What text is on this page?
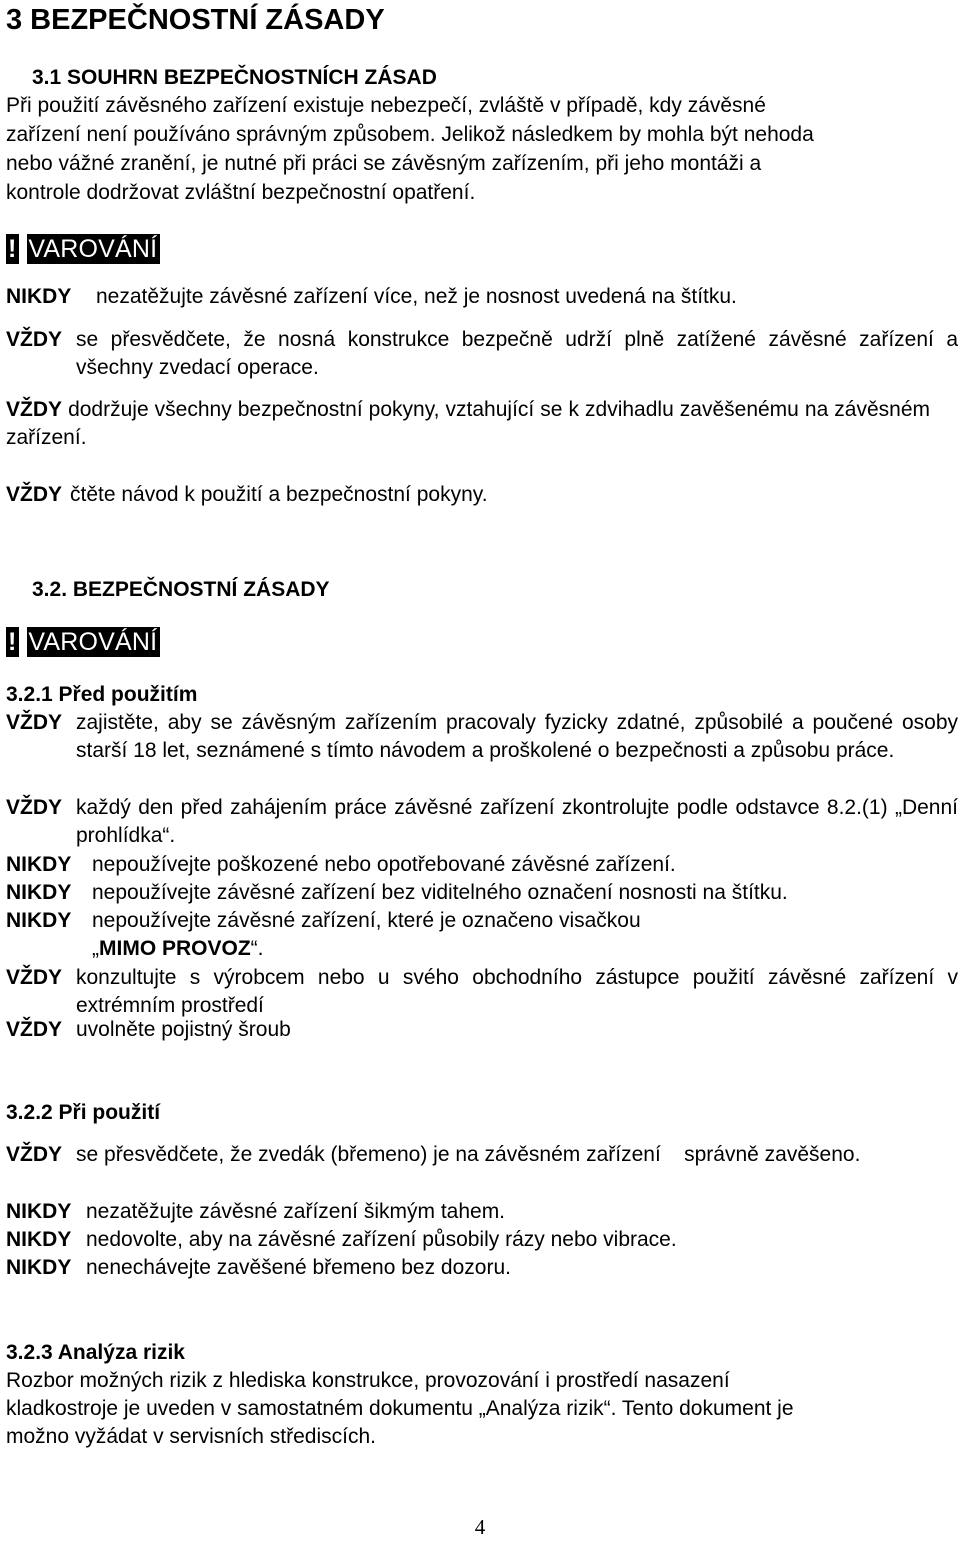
3 BEZPEČNOSTNÍ ZÁSADY
3.1 SOUHRN BEZPEČNOSTNÍCH ZÁSAD
Při použití závěsného zařízení existuje nebezpečí, zvláště v případě, kdy závěsné
zařízení není používáno správným způsobem. Jelikož následkem by mohla být nehoda
nebo vážné zranění, je nutné při práci se závěsným zařízením, při jeho montáži a
kontrole dodržovat zvláštní bezpečnostní opatření.
! VAROVÁNÍ
NIKDY nezatěžujte závěsné zařízení více, než je nosnost uvedená na štítku.
VŽDY se přesvědčete, že nosná konstrukce bezpečně udrží plně zatížené závěsné zařízení a všechny zvedací operace.
VŽDY dodržuje všechny bezpečnostní pokyny, vztahující se k zdvihadlu zavěšenému na závěsném zařízení.
VŽDY čtěte návod k použití a bezpečnostní pokyny.
3.2. BEZPEČNOSTNÍ ZÁSADY
! VAROVÁNÍ
3.2.1 Před použitím
VŽDY zajistěte, aby se závěsným zařízením pracovaly fyzicky zdatné, způsobilé a poučené osoby starší 18 let, seznámené s tímto návodem a proškolené o bezpečnosti a způsobu práce.
VŽDY každý den před zahájením práce závěsné zařízení zkontrolujte podle odstavce 8.2.(1) „Denní prohlídka“.
NIKDY nepoužívejte poškozené nebo opotřebované závěsné zařízení.
NIKDY nepoužívejte závěsné zařízení bez viditelného označení nosnosti na štítku.
NIKDY nepoužívejte závěsné zařízení, které je označeno visačkou
„MIMO PROVOZ“.
VŽDY konzultujte s výrobcem nebo u svého obchodního zástupce použití závěsné zařízení v extrémním prostředí
VŽDY uvolněte pojistný šroub
3.2.2 Při použití
VŽDY se přesvědčete, že zvedák (břemeno) je na závěsném zařízení    správně zavěšeno.
NIKDY nezatěžujte závěsné zařízení šikmým tahem.
NIKDY nedovolte, aby na závěsné zařízení působily rázy nebo vibrace.
NIKDY nenechávejte zavěšené břemeno bez dozoru.
3.2.3 Analýza rizik
Rozbor možných rizik z hlediska konstrukce, provozování i prostředí nasazení
kladkostroje je uveden v samostatném dokumentu „Analýza rizik“. Tento dokument je
možno vyžádat v servisních střediscích.
4
